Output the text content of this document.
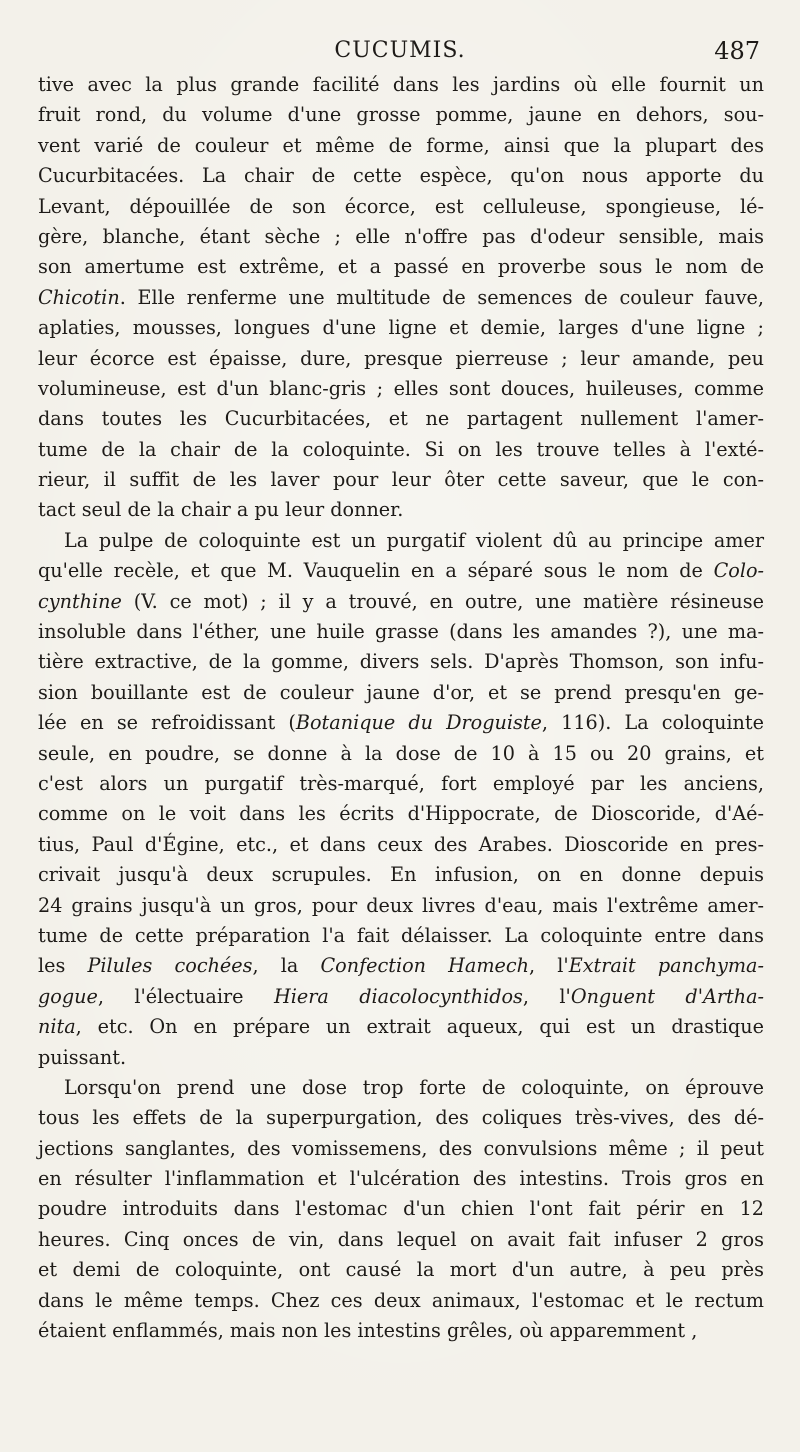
CUCUMIS.	487
tive avec la plus grande facilité dans les jardins où elle fournit un
fruit rond, du volume d'une grosse pomme, jaune en dehors, sou-
vent varié de couleur et même de forme, ainsi que la plupart des
Cucurbitacées. La chair de cette espèce, qu'on nous apporte du
Levant, dépouillée de son écorce, est celluleuse, spongieuse, lé-
gère, blanche, étant sèche ; elle n'offre pas d'odeur sensible, mais
son amertume est extrême, et a passé en proverbe sous le nom de
Chicotin. Elle renferme une multitude de semences de couleur fauve,
aplaties, mousses, longues d'une ligne et demie, larges d'une ligne ;
leur écorce est épaisse, dure, presque pierreuse ; leur amande, peu
volumineuse, est d'un blanc-gris ; elles sont douces, huileuses, comme
dans toutes les Cucurbitacées, et ne partagent nullement l'amer-
tume de la chair de la coloquinte. Si on les trouve telles à l'exté-
rieur, il suffit de les laver pour leur ôter cette saveur, que le con-
tact seul de la chair a pu leur donner.
La pulpe de coloquinte est un purgatif violent dû au principe amer
qu'elle recèle, et que M. Vauquelin en a séparé sous le nom de Colo-
cynthine (V. ce mot) ; il y a trouvé, en outre, une matière résineuse
insoluble dans l'éther, une huile grasse (dans les amandes ?), une ma-
tière extractive, de la gomme, divers sels. D'après Thomson, son infu-
sion bouillante est de couleur jaune d'or, et se prend presqu'en ge-
lée en se refroidissant (Botanique du Droguiste, 116). La coloquinte
seule, en poudre, se donne à la dose de 10 à 15 ou 20 grains, et
c'est alors un purgatif très-marqué, fort employé par les anciens,
comme on le voit dans les écrits d'Hippocrate, de Dioscoride, d'Aé-
tius, Paul d'Égine, etc., et dans ceux des Arabes. Dioscoride en pres-
crivait jusqu'à deux scrupules. En infusion, on en donne depuis
24 grains jusqu'à un gros, pour deux livres d'eau, mais l'extrême amer-
tume de cette préparation l'a fait délaisser. La coloquinte entre dans
les Pilules cochées, la Confection Hamech, l'Extrait panchyma-
gogue, l'électuaire Hiera diacolocynthidos, l'Onguent d'Artha-
nita, etc. On en prépare un extrait aqueux, qui est un drastique
puissant.
Lorsqu'on prend une dose trop forte de coloquinte, on éprouve
tous les effets de la superpurgation, des coliques très-vives, des dé-
jections sanglantes, des vomissemens, des convulsions même ; il peut
en résulter l'inflammation et l'ulcération des intestins. Trois gros en
poudre introduits dans l'estomac d'un chien l'ont fait périr en 12
heures. Cinq onces de vin, dans lequel on avait fait infuser 2 gros
et demi de coloquinte, ont causé la mort d'un autre, à peu près
dans le même temps. Chez ces deux animaux, l'estomac et le rectum
étaient enflammés, mais non les intestins grêles, où apparemment ,
